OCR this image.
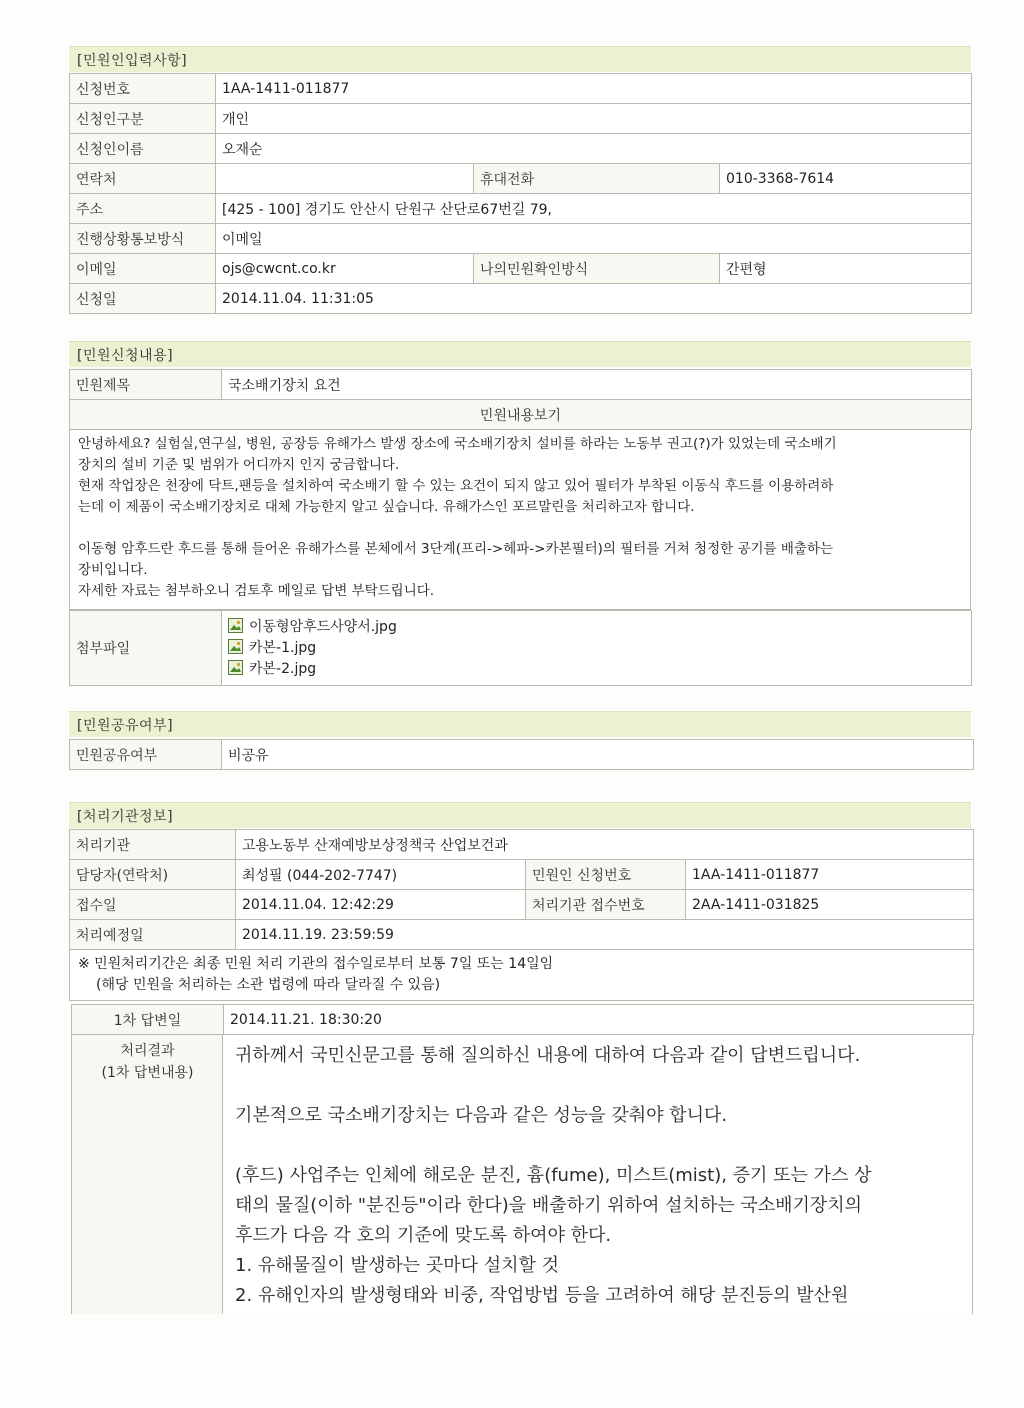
[민원인입력사항]
신청번호	1AA-1411-011877		
신청인구분	개인		
신청인이름	오재순		
연락처		휴대전화	010-3368-7614
주소	[425 - 100] 경기도 안산시 단원구 산단로67번길 79,		
진행상황통보방식	이메일		
이메일	ojs@cwcnt.co.kr	나의민원확인방식	간편형
신청일	2014.11.04. 11:31:05		
[민원신청내용]
민원제목	국소배기장치 요건
민원내용보기

안녕하세요? 실험실,연구실, 병원, 공장등 유해가스 발생 장소에 국소배기장치 설비를 하라는 노동부 권고(?)가 있었는데 국소배기

장치의 설비 기준 및 범위가 어디까지 인지 궁금합니다.

현재 작업장은 천장에 닥트,팬등을 설치하여 국소배기 할 수 있는 요건이 되지 않고 있어 필터가 부착된 이동식 후드를 이용하려하

는데 이 제품이 국소배기장치로 대체 가능한지 알고 싶습니다. 유해가스인 포르말린을 처리하고자 합니다.

이동형 암후드란 후드를 통해 들어온 유해가스를 본체에서 3단계(프리->헤파->카본필터)의 필터를 거쳐 청정한 공기를 배출하는

장비입니다.

자세한 자료는 첨부하오니 검토후 메일로 답변 부탁드립니다.

첨부파일	
이동형암후드사양서.jpg
카본-1.jpg
카본-2.jpg
[민원공유여부]
민원공유여부	비공유
[처리기관정보]
처리기관	고용노동부 산재예방보상정책국 산업보건과		
담당자(연락처)	최성필 (044-202-7747)	민원인 신청번호	1AA-1411-011877
접수일	2014.11.04. 12:42:29	처리기관 접수번호	2AA-1411-031825
처리예정일	2014.11.19. 23:59:59		

※ 민원처리기간은 최종 민원 처리 기관의 접수일로부터 보통 7일 또는 14일임
(해당 민원을 처리하는 소관 법령에 따라 달라질 수 있음)			
1차 답변일	2014.11.21. 18:30:20
처리결과
(1차 답변내용)

귀하께서 국민신문고를 통해 질의하신 내용에 대하여 다음과 같이 답변드립니다.

기본적으로 국소배기장치는 다음과 같은 성능을 갖춰야 합니다.

(후드) 사업주는 인체에 해로운 분진, 흄(fume), 미스트(mist), 증기 또는 가스 상

태의 물질(이하 "분진등"이라 한다)을 배출하기 위하여 설치하는 국소배기장치의

후드가 다음 각 호의 기준에 맞도록 하여야 한다.

1. 유해물질이 발생하는 곳마다 설치할 것

2. 유해인자의 발생형태와 비중, 작업방법 등을 고려하여 해당 분진등의 발산원
